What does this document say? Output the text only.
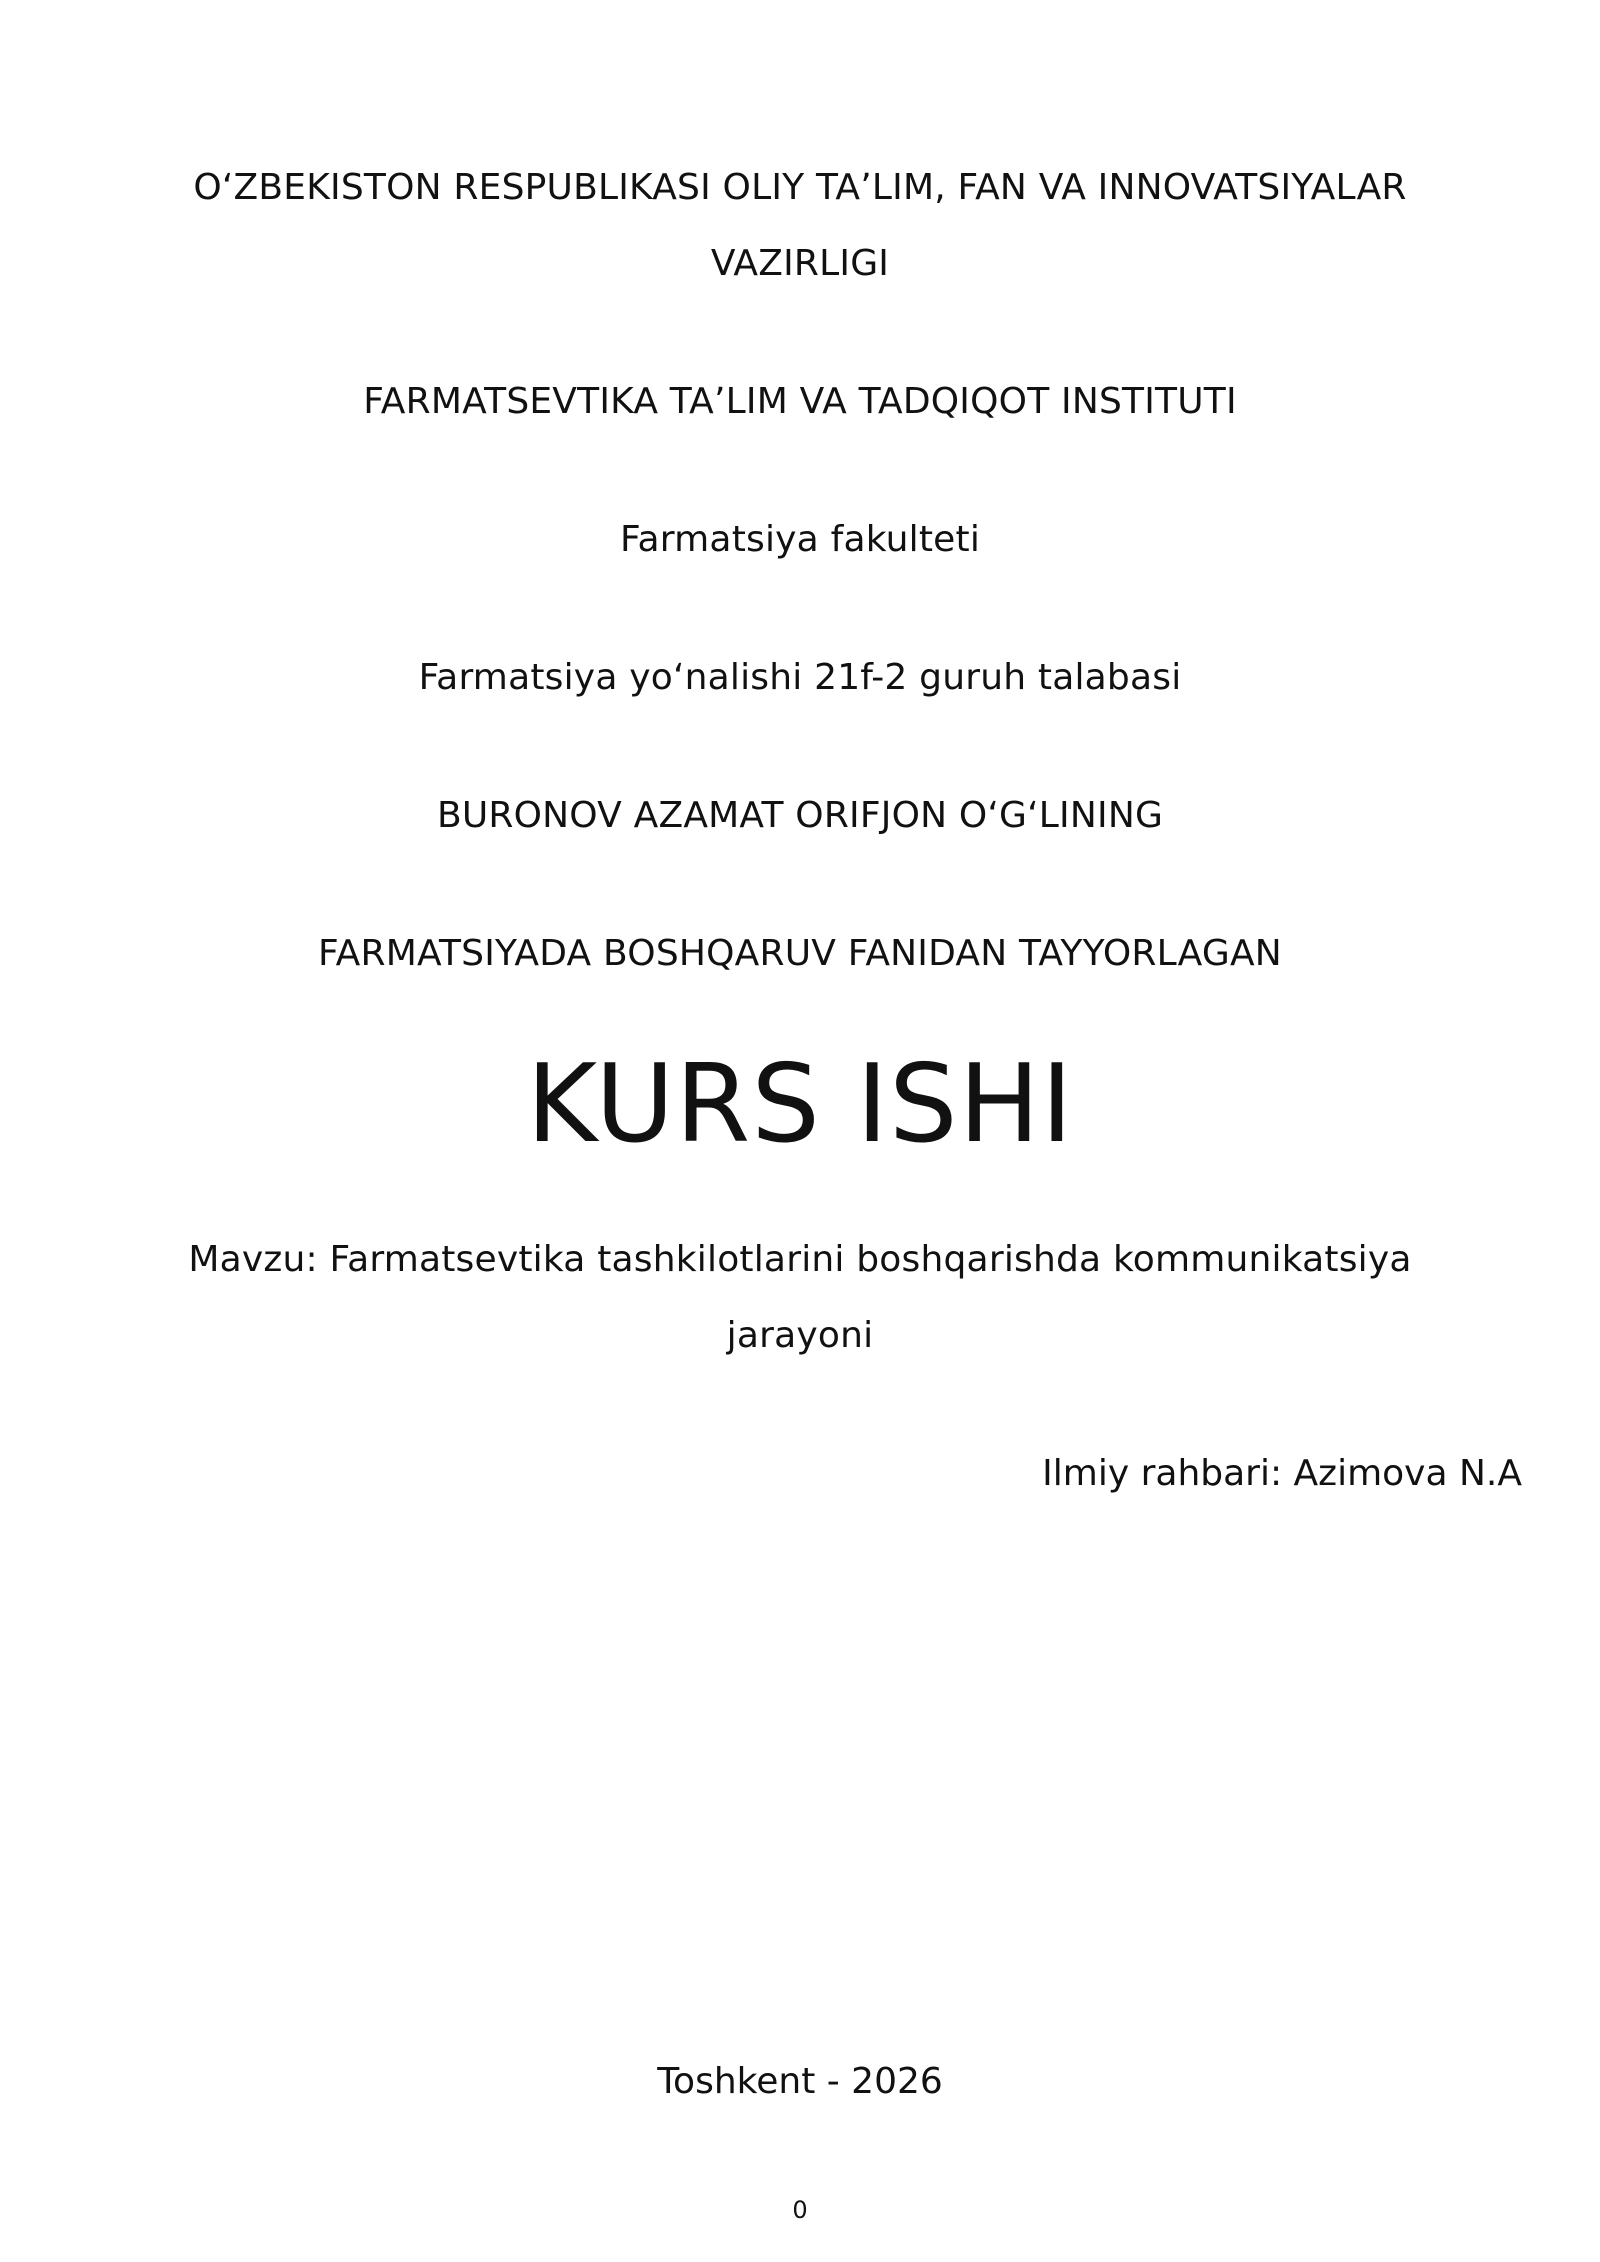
O‘ZBEKISTON RESPUBLIKASI OLIY TA’LIM, FAN VA INNOVATSIYALAR VAZIRLIGI
FARMATSEVTIKA TA’LIM VA TADQIQOT INSTITUTI
Farmatsiya fakulteti
Farmatsiya yo‘nalishi 21f-2 guruh talabasi
BURONOV AZAMAT ORIFJON O‘G‘LINING
FARMATSIYADA BOSHQARUV FANIDAN TAYYORLAGAN
KURS ISHI
Mavzu: Farmatsevtika tashkilotlarini boshqarishda kommunikatsiya jarayoni
Ilmiy rahbari: Azimova N.A
Toshkent - 2026
0
